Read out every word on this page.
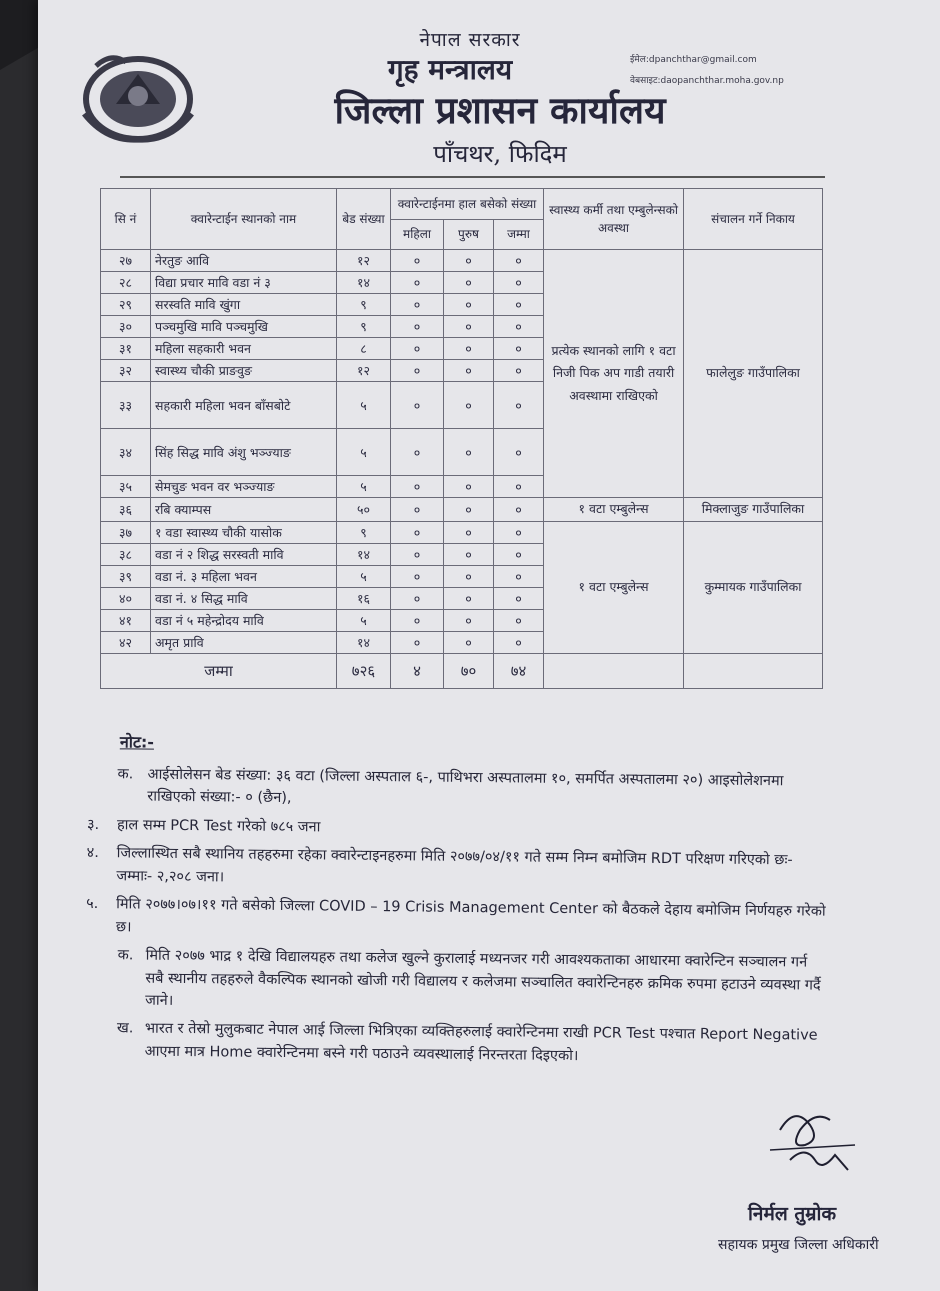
नेपाल सरकार
गृह मन्त्रालय
जिल्ला प्रशासन कार्यालय
पाँचथर, फिदिम
ईमेल:dpanchthar@gmail.com
वेबसाइट:daopanchthar.moha.gov.np
सि नं	क्वारेन्टाईन स्थानको नाम	बेड संख्या	क्वारेन्टाईनमा हाल बसेको संख्या			स्वास्थ्य कर्मी तथा एम्बुलेन्सको अवस्था	संचालन गर्ने निकाय
			महिला	पुरुष	जम्मा		
२७	नेरतुङ आवि	१२	०	०	०	प्रत्येक स्थानको लागि १ वटा निजी पिक अप गाडी तयारी अवस्थामा राखिएको	फालेलुङ गाउँपालिका
२८	विद्या प्रचार मावि वडा नं ३	१४	०	०	०		
२९	सरस्वति मावि खुंगा	९	०	०	०		
३०	पञ्चमुखि मावि पञ्चमुखि	९	०	०	०		
३१	महिला सहकारी भवन	८	०	०	०		
३२	स्वास्थ्य चौकी प्राङवुङ	१२	०	०	०		
३३	सहकारी महिला भवन बाँसबोटे	५	०	०	०		
३४	सिंह सिद्ध मावि अंशु भञ्ज्याङ	५	०	०	०		
३५	सेमचुङ भवन वर भञ्ज्याङ	५	०	०	०		
३६	रबि क्याम्पस	५०	०	०	०	१ वटा एम्बुलेन्स	मिक्लाजुङ गाउँपालिका
३७	१ वडा स्वास्थ्य चौकी यासोक	९	०	०	०	१ वटा एम्बुलेन्स	कुम्मायक गाउँपालिका
३८	वडा नं २ शिद्ध सरस्वती मावि	१४	०	०	०		
३९	वडा नं. ३ महिला भवन	५	०	०	०		
४०	वडा नं. ४ सिद्ध मावि	१६	०	०	०		
४१	वडा नं ५ महेन्द्रोदय मावि	५	०	०	०		
४२	अमृत प्रावि	१४	०	०	०		
जम्मा		७२६	४	७०	७४		
नोट:-
क. आईसोलेसन बेड संख्या: ३६ वटा (जिल्ला अस्पताल ६-, पाथिभरा अस्पतालमा १०, समर्पित अस्पतालमा २०) आइसोलेशनमा राखिएको संख्या:- ० (छैन),
३. हाल सम्म PCR Test गरेको ७८५ जना
४. जिल्लास्थित सबै स्थानिय तहहरुमा रहेका क्वारेन्टाइनहरुमा मिति २०७७/०४/११ गते सम्म निम्न बमोजिम RDT परिक्षण गरिएको छः- जम्माः- २,२०८ जना।
५. मिति २०७७।०७।११ गते बसेको जिल्ला COVID – 19 Crisis Management Center को बैठकले देहाय बमोजिम निर्णयहरु गरेको छ।
क. मिति २०७७ भाद्र १ देखि विद्यालयहरु तथा कलेज खुल्ने कुरालाई मध्यनजर गरी आवश्यकताका आधारमा क्वारेन्टिन सञ्चालन गर्न सबै स्थानीय तहहरुले वैकल्पिक स्थानको खोजी गरी विद्यालय र कलेजमा सञ्चालित क्वारेन्टिनहरु क्रमिक रुपमा हटाउने व्यवस्था गर्दै जाने।
ख. भारत र तेस्रो मुलुकबाट नेपाल आई जिल्ला भित्रिएका व्यक्तिहरुलाई क्वारेन्टिनमा राखी PCR Test पश्चात Report Negative आएमा मात्र Home क्वारेन्टिनमा बस्ने गरी पठाउने व्यवस्थालाई निरन्तरता दिइएको।
निर्मल तुम्रोक
सहायक प्रमुख जिल्ला अधिकारी
